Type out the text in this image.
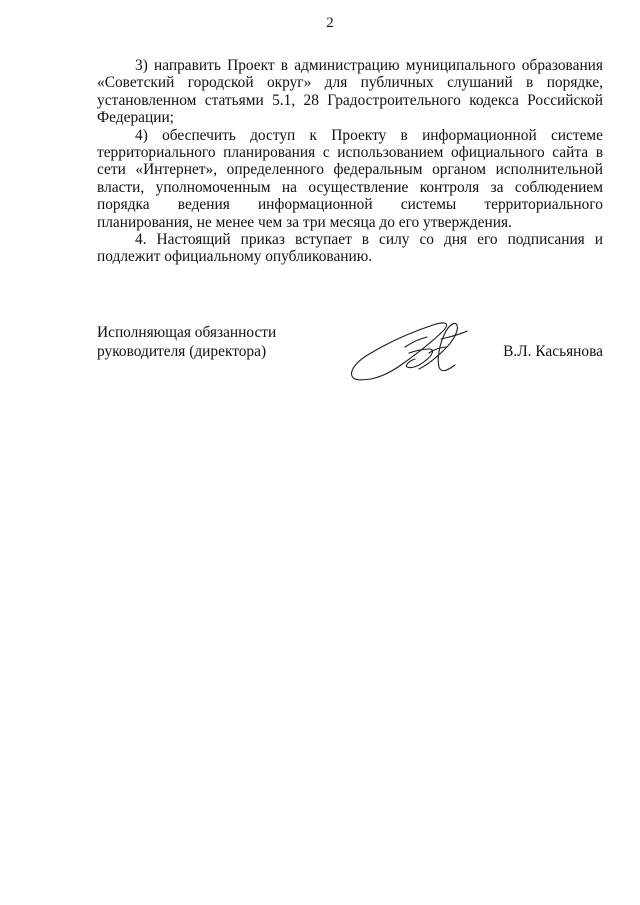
2

3) направить Проект в администрацию муниципального образования «Советский городской округ» для публичных слушаний в порядке, установленном статьями 5.1, 28 Градостроительного кодекса Российской Федерации;

4) обеспечить доступ к Проекту в информационной системе территориального планирования с использованием официального сайта в сети «Интернет», определенного федеральным органом исполнительной власти, уполномоченным на осуществление контроля за соблюдением порядка ведения информационной системы территориального планирования, не менее чем за три месяца до его утверждения.

4. Настоящий приказ вступает в силу со дня его подписания и подлежит официальному опубликованию.

Исполняющая обязанности
руководителя (директора)	В.Л. Касьянова
